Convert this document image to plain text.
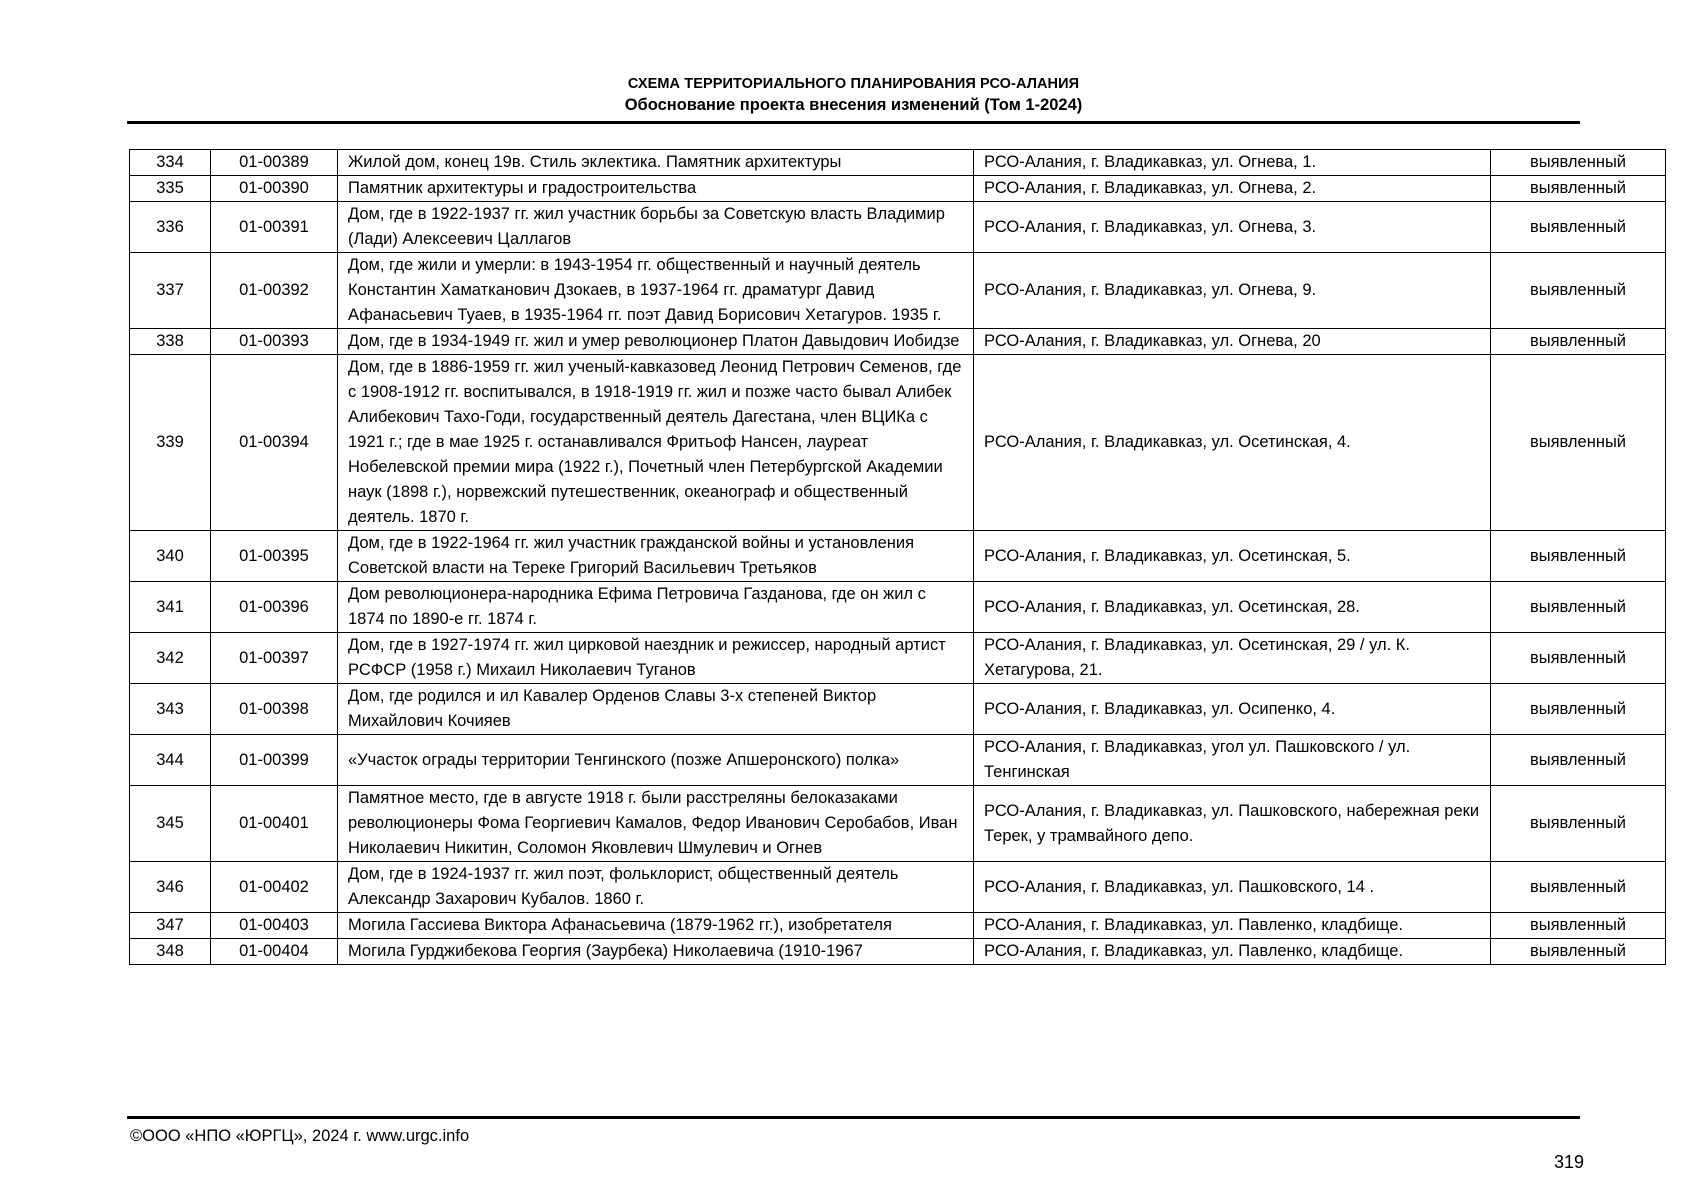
СХЕМА ТЕРРИТОРИАЛЬНОГО ПЛАНИРОВАНИЯ РСО-АЛАНИЯ
Обоснование проекта внесения изменений (Том 1-2024)
334	01-00389	Жилой дом, конец 19в. Стиль эклектика. Памятник архитектуры	РСО-Алания, г. Владикавказ, ул. Огнева, 1.	выявленный
335	01-00390	Памятник архитектуры и градостроительства	РСО-Алания, г. Владикавказ, ул. Огнева, 2.	выявленный
336	01-00391	Дом, где в 1922-1937 гг. жил участник борьбы за Советскую власть Владимир (Лади) Алексеевич Цаллагов	РСО-Алания, г. Владикавказ, ул. Огнева, 3.	выявленный
337	01-00392	Дом, где жили и умерли: в 1943-1954 гг. общественный и научный деятель Константин Хаматканович Дзокаев, в 1937-1964 гг. драматург Давид Афанасьевич Туаев, в 1935-1964 гг. поэт Давид Борисович Хетагуров. 1935 г.	РСО-Алания, г. Владикавказ, ул. Огнева, 9.	выявленный
338	01-00393	Дом, где в 1934-1949 гг. жил и умер революционер Платон Давыдович Иобидзе	РСО-Алания, г. Владикавказ, ул. Огнева, 20	выявленный
339	01-00394	Дом, где в 1886-1959 гг. жил ученый-кавказовед Леонид Петрович Семенов, где с 1908-1912 гг. воспитывался, в 1918-1919 гг. жил и позже часто бывал Алибек Алибекович Тахо-Годи, государственный деятель Дагестана, член ВЦИКа с 1921 г.; где в мае 1925 г. останавливался Фритьоф Нансен, лауреат Нобелевской премии мира (1922 г.), Почетный член Петербургской Академии наук (1898 г.), норвежский путешественник, океанограф и общественный деятель. 1870 г.	РСО-Алания, г. Владикавказ, ул. Осетинская, 4.	выявленный
340	01-00395	Дом, где в 1922-1964 гг. жил участник гражданской войны и установления Советской власти на Тереке Григорий Васильевич Третьяков	РСО-Алания, г. Владикавказ, ул. Осетинская, 5.	выявленный
341	01-00396	Дом революционера-народника Ефима Петровича Газданова, где он жил с 1874 по 1890-е гг. 1874 г.	РСО-Алания, г. Владикавказ, ул. Осетинская, 28.	выявленный
342	01-00397	Дом, где в 1927-1974 гг. жил цирковой наездник и режиссер, народный артист РСФСР (1958 г.) Михаил Николаевич Туганов	РСО-Алания, г. Владикавказ, ул. Осетинская, 29 / ул. К. Хетагурова, 21.	выявленный
343	01-00398	Дом, где родился и ил Кавалер Орденов Славы 3-х степеней Виктор Михайлович Кочияев	РСО-Алания, г. Владикавказ, ул. Осипенко, 4.	выявленный
344	01-00399	«Участок ограды территории Тенгинского (позже Апшеронского) полка»	РСО-Алания, г. Владикавказ, угол ул. Пашковского / ул. Тенгинская	выявленный
345	01-00401	Памятное место, где в августе 1918 г. были расстреляны белоказаками революционеры Фома Георгиевич Камалов, Федор Иванович Серобабов, Иван Николаевич Никитин, Соломон Яковлевич Шмулевич и Огнев	РСО-Алания, г. Владикавказ, ул. Пашковского, набережная реки Терек, у трамвайного депо.	выявленный
346	01-00402	Дом, где в 1924-1937 гг. жил поэт, фольклорист, общественный деятель Александр Захарович Кубалов. 1860 г.	РСО-Алания, г. Владикавказ, ул. Пашковского, 14 .	выявленный
347	01-00403	Могила Гассиева Виктора Афанасьевича (1879-1962 гг.), изобретателя	РСО-Алания, г. Владикавказ, ул. Павленко, кладбище.	выявленный
348	01-00404	Могила Гурджибекова Георгия (Заурбека) Николаевича (1910-1967	РСО-Алания, г. Владикавказ, ул. Павленко, кладбище.	выявленный
©ООО «НПО «ЮРГЦ», 2024 г. www.urgc.info
319
